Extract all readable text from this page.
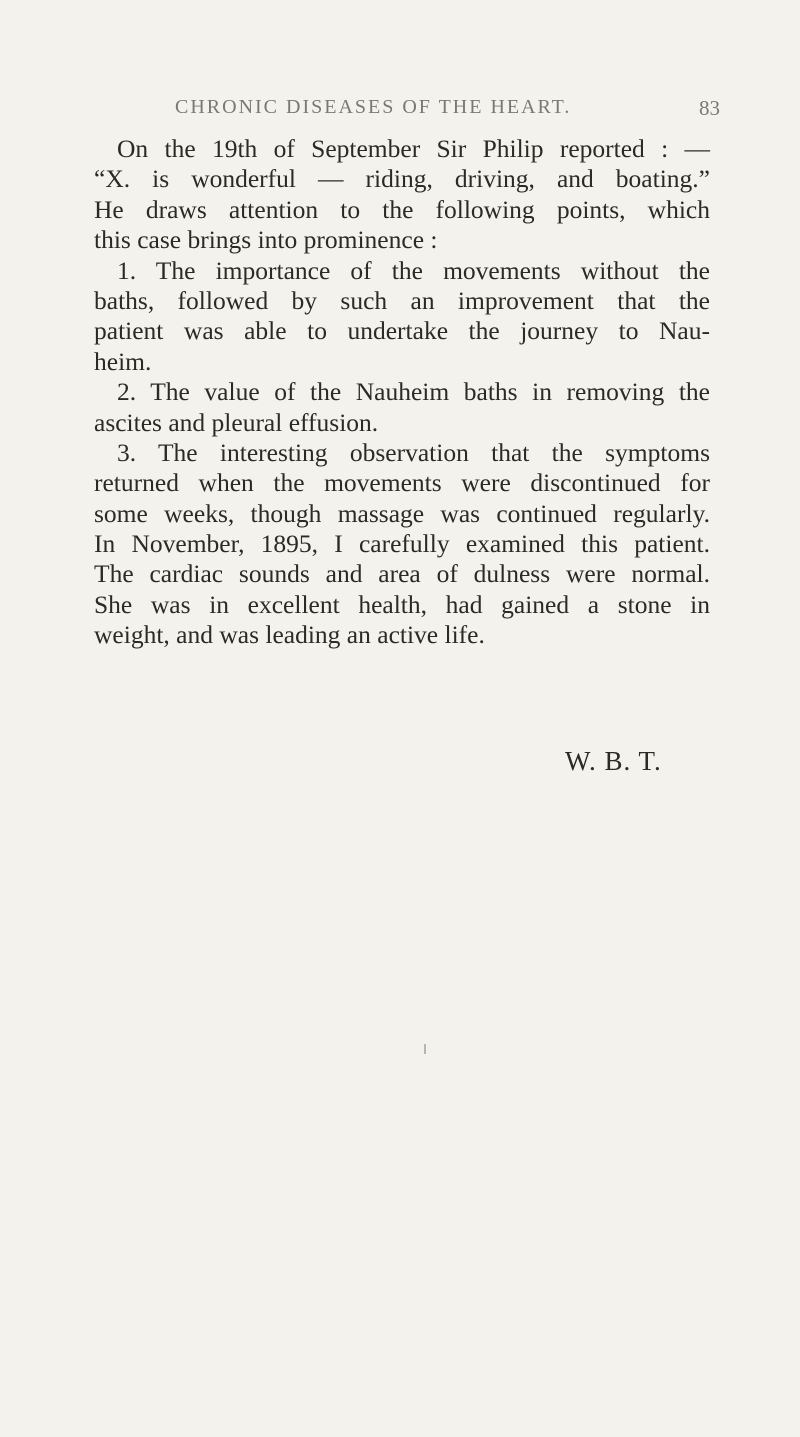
CHRONIC DISEASES OF THE HEART.	83
On the 19th of September Sir Philip reported : —
“X. is wonderful — riding, driving, and boating.”
He draws attention to the following points, which
this case brings into prominence :
1. The importance of the movements without the
baths, followed by such an improvement that the
patient was able to undertake the journey to Nau-
heim.
2. The value of the Nauheim baths in removing the
ascites and pleural effusion.
3. The interesting observation that the symptoms
returned when the movements were discontinued for
some weeks, though massage was continued regularly.
In November, 1895, I carefully examined this patient.
The cardiac sounds and area of dulness were normal.
She was in excellent health, had gained a stone in
weight, and was leading an active life.
W. B. T.
